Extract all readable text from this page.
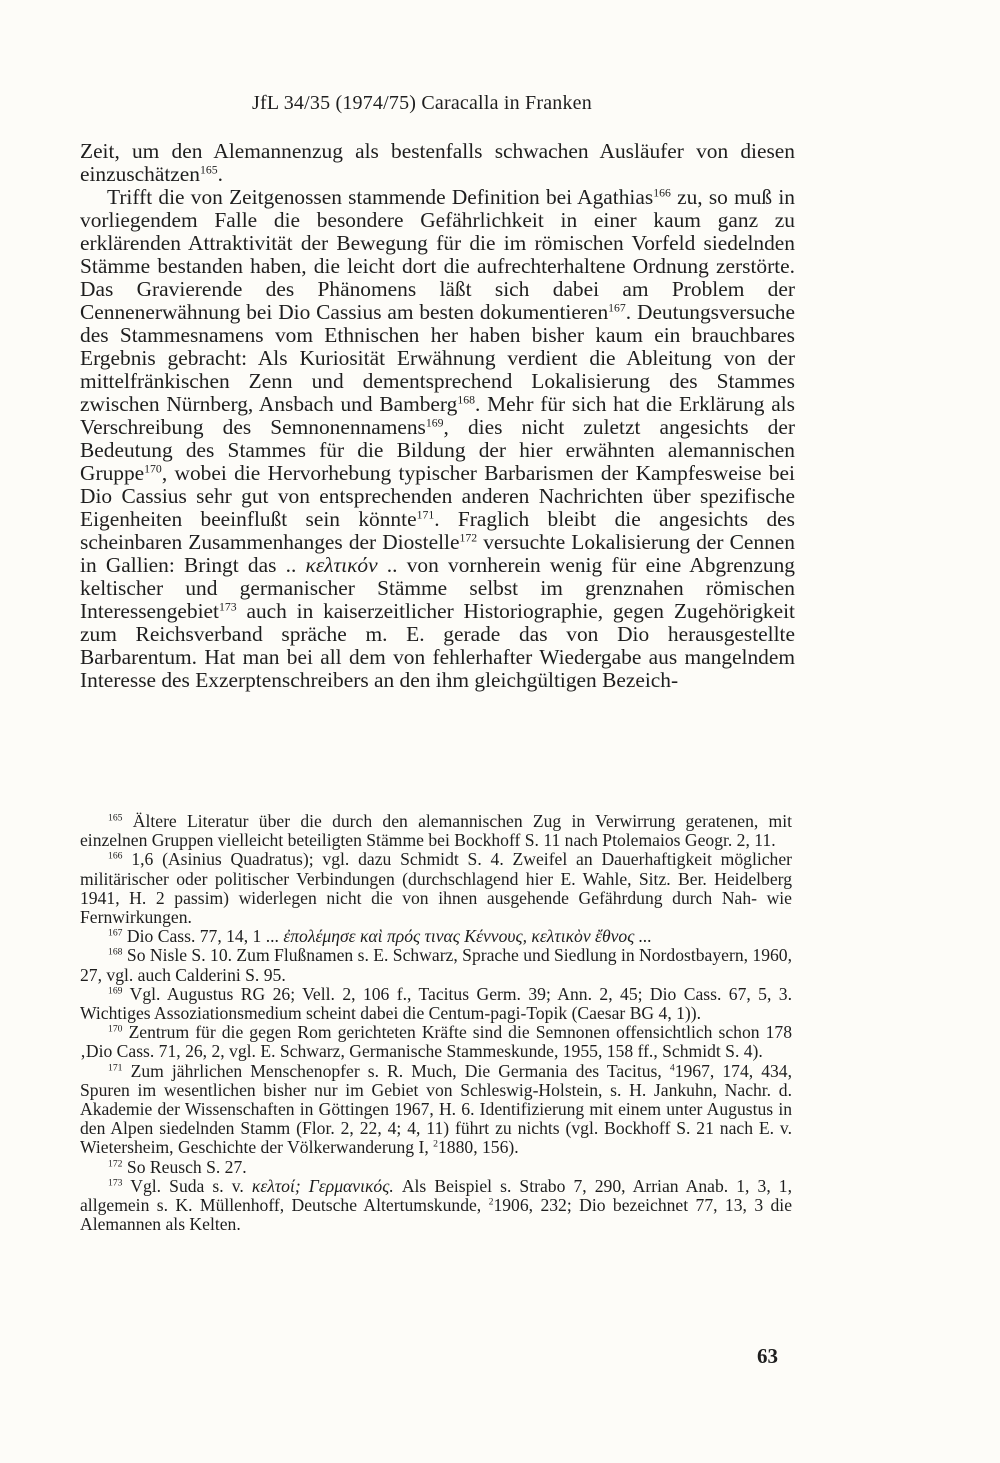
JfL 34/35 (1974/75) Caracalla in Franken

Zeit, um den Alemannenzug als bestenfalls schwachen Ausläufer von diesen einzuschätzen$^{165}$.

Trifft die von Zeitgenossen stammende Definition bei Agathias$^{166}$ zu, so muß in vorliegendem Falle die besondere Gefährlichkeit in einer kaum ganz zu erklärenden Attraktivität der Bewegung für die im römischen Vorfeld siedelnden Stämme bestanden haben, die leicht dort die aufrechterhaltene Ordnung zerstörte. Das Gravierende des Phänomens läßt sich dabei am Problem der Cennenerwähnung bei Dio Cassius am besten dokumentieren$^{167}$. Deutungsversuche des Stammesnamens vom Ethnischen her haben bisher kaum ein brauchbares Ergebnis gebracht: Als Kuriosität Erwähnung verdient die Ableitung von der mittelfränkischen Zenn und dementsprechend Lokalisierung des Stammes zwischen Nürnberg, Ansbach und Bamberg$^{168}$. Mehr für sich hat die Erklärung als Verschreibung des Semnonennamens$^{169}$, dies nicht zuletzt angesichts der Bedeutung des Stammes für die Bildung der hier erwähnten alemannischen Gruppe$^{170}$, wobei die Hervorhebung typischer Barbarismen der Kampfesweise bei Dio Cassius sehr gut von entsprechenden anderen Nachrichten über spezifische Eigenheiten beeinflußt sein könnte$^{171}$. Fraglich bleibt die angesichts des scheinbaren Zusammenhanges der Diostelle$^{172}$ versuchte Lokalisierung der Cennen in Gallien: Bringt das .. κελτικόν .. von vornherein wenig für eine Abgrenzung keltischer und germanischer Stämme selbst im grenznahen römischen Interessengebiet$^{173}$ auch in kaiserzeitlicher Historiographie, gegen Zugehörigkeit zum Reichsverband spräche m. E. gerade das von Dio herausgestellte Barbarentum. Hat man bei all dem von fehlerhafter Wiedergabe aus mangelndem Interesse des Exzerptenschreibers an den ihm gleichgültigen Bezeich-

$^{165}$ Ältere Literatur über die durch den alemannischen Zug in Verwirrung geratenen, mit einzelnen Gruppen vielleicht beteiligten Stämme bei Bockhoff S. 11 nach Ptolemaios Geogr. 2, 11.

$^{166}$ 1,6 (Asinius Quadratus); vgl. dazu Schmidt S. 4. Zweifel an Dauerhaftigkeit möglicher militärischer oder politischer Verbindungen (durchschlagend hier E. Wahle, Sitz. Ber. Heidelberg 1941, H. 2 passim) widerlegen nicht die von ihnen ausgehende Gefährdung durch Nah- wie Fernwirkungen.

$^{167}$ Dio Cass. 77, 14, 1 ... ἐπολέμησε καὶ πρός τινας Κέννους, κελτικὸν ἔθνος ...

$^{168}$ So Nisle S. 10. Zum Flußnamen s. E. Schwarz, Sprache und Siedlung in Nordostbayern, 1960, 27, vgl. auch Calderini S. 95.

$^{169}$ Vgl. Augustus RG 26; Vell. 2, 106 f., Tacitus Germ. 39; Ann. 2, 45; Dio Cass. 67, 5, 3. Wichtiges Assoziationsmedium scheint dabei die Centum-pagi-Topik (Caesar BG 4, 1)).

$^{170}$ Zentrum für die gegen Rom gerichteten Kräfte sind die Semnonen offensichtlich schon 178 ‚Dio Cass. 71, 26, 2, vgl. E. Schwarz, Germanische Stammeskunde, 1955, 158 ff., Schmidt S. 4).

$^{171}$ Zum jährlichen Menschenopfer s. R. Much, Die Germania des Tacitus, $^4$1967, 174, 434, Spuren im wesentlichen bisher nur im Gebiet von Schleswig-Holstein, s. H. Jankuhn, Nachr. d. Akademie der Wissenschaften in Göttingen 1967, H. 6. Identifizierung mit einem unter Augustus in den Alpen siedelnden Stamm (Flor. 2, 22, 4; 4, 11) führt zu nichts (vgl. Bockhoff S. 21 nach E. v. Wietersheim, Geschichte der Völkerwanderung I, $^2$1880, 156).

$^{172}$ So Reusch S. 27.

$^{173}$ Vgl. Suda s. v. κελτοί; Γερμανικός. Als Beispiel s. Strabo 7, 290, Arrian Anab. 1, 3, 1, allgemein s. K. Müllenhoff, Deutsche Altertumskunde, $^2$1906, 232; Dio bezeichnet 77, 13, 3 die Alemannen als Kelten.

63
